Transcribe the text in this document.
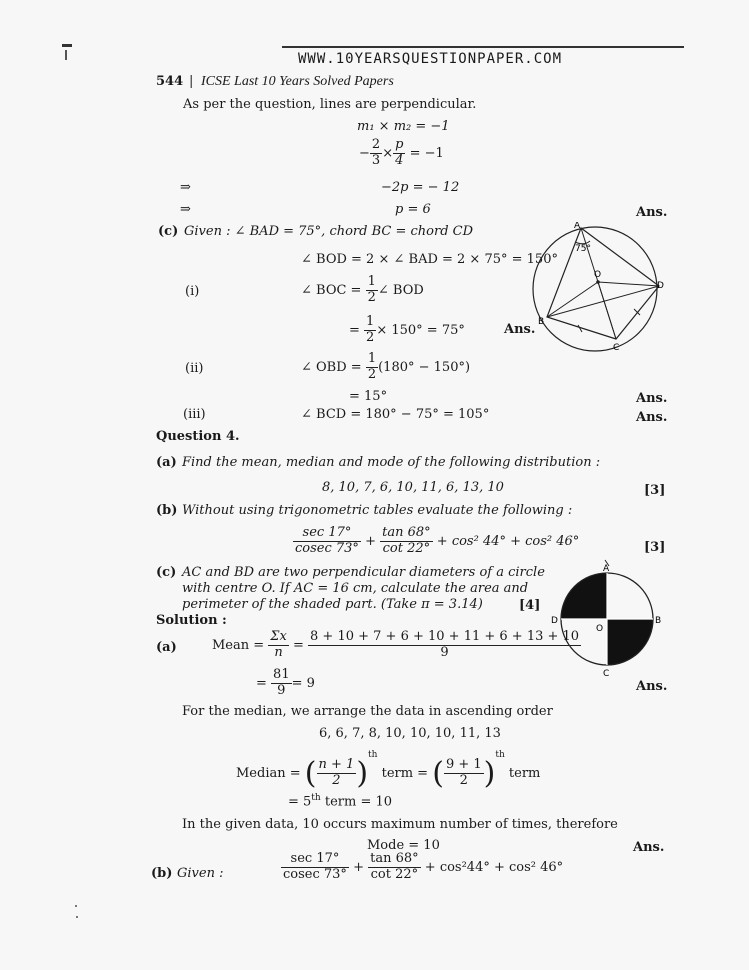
WWW.10YEARSQUESTIONPAPER.COM
544 | ICSE Last 10 Years Solved Papers
As per the question, lines are perpendicular.
m₁ × m₂ = −1
− $\frac{2}{3} \times \frac{p}{4} = -1$
⇒	−2p = − 12
⇒	p = 6	Ans.
(c) Given : ∠ BAD = 75°, chord BC = chord CD
∠ BOD = 2 × ∠ BAD = 2 × 75° = 150°
(i)	∠ BOC = $\frac{1}{2}$ ∠ BOD
= $\frac{1}{2} \times 150^\circ = 75^\circ$	Ans.
(ii)	∠ OBD = $\frac{1}{2} (180^\circ - 150^\circ)$
= 15°	Ans.
(iii)	∠ BCD = 180° − 75° = 105°	Ans.
A
B
C
D
O
75°
Question 4.
(a) Find the mean, median and mode of the following distribution :
8, 10, 7, 6, 10, 11, 6, 13, 10	[3]
(b) Without using trigonometric tables evaluate the following :
$\frac{\sec 17^\circ}{cosec 73^\circ} + \frac{\tan 68^\circ}{\cot 22^\circ} + \cos^2$ 44° + cos² 46°	[3]
(c) AC and BD are two perpendicular diameters of a circle
with centre O. If AC = 16 cm, calculate the area and
perimeter of the shaded part. (Take π = 3.14)	[4]
A
B
C
D
O
Solution :
(a)	Mean = $\frac{\Sigma x}{n} = \frac{8 + 10 + 7 + 6 + 10 + 11 + 6 + 13 + 10}{9}$
= $\frac{81}{9} = 9$	Ans.
For the median, we arrange the data in ascending order
6, 6, 7, 8, 10, 10, 10, 11, 13
Median = ( $\frac{n + 1}{2} )^{th}$ term = ( $\frac{9 + 1}{2} )^{th}$ term
= 5th term = 10
In the given data, 10 occurs maximum number of times, therefore
Mode = 10	Ans.
(b) Given :	$\frac{\sec 17^\circ}{cosec 73^\circ} + \frac{\tan 68^\circ}{\cot 22^\circ} + \cos^244^\circ + \cos^2$ 46°
